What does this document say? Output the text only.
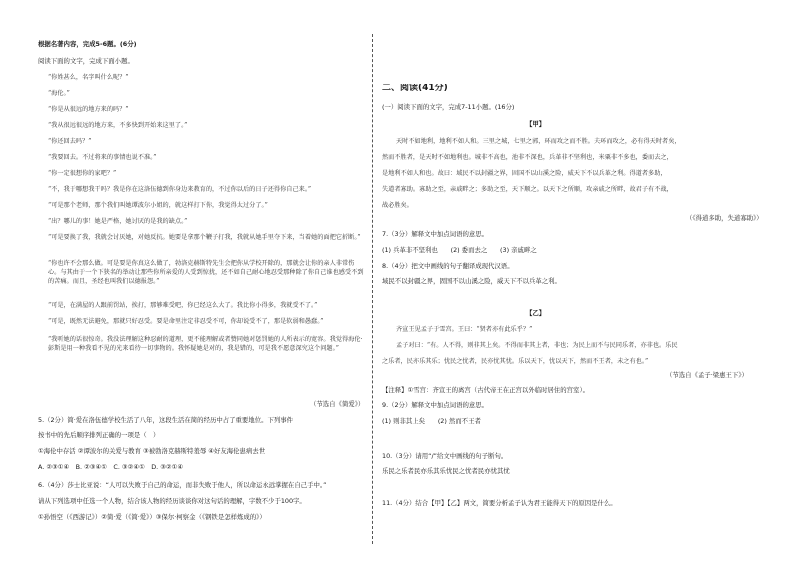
根据名著内容，完成5-6题。(6分)
阅读下面的文字，完成下面小题。
“你姓甚么，名字叫什么呢？”
“海伦。”
“你是从很远的地方来的吗？”
“我从很远很远的地方来，不多快到开始来这里了。”
“你还回去吗？”
“我要回去。不过将来的事情也说不准。”
“你一定很想你的家吧？”
“不，我于哪想我干吗？我是你在这洛伍德到你身边来教育的，不过你以后的日子还得你自己来。”
“可是那个老师，那个我们叫她谭波尔小姐的，就这样打下你，我觉得太过分了。”
“出？哪儿的事！她是严格，她讨厌的是我的缺点。”
“可是要换了我，我就会讨厌她，对她反抗。她要是拿那个鞭子打我，我就从她手里夺下来，当着她的面把它折断。”
“你也许不会那么做。可是要是你真这么做了，勃洛克赫斯特先生会把你从学校开除的，那就会让你的亲人非常伤心。与其由于一个下狭名的举动让那些你所亲爱的人受到惊扰，还不如自己耐心地忍受那种除了你自己谁也感受不到的苦痛。而且，圣经也叫我们以德报怨。”
“可是，在满屋的人跟前罚站，挨打，那够难受吧，你已经这么大了。我比你小得多，我就受不了。”
“可是，既然无法避免，那就只好忍受。要是命里注定非忍受不可，你却说受不了，那是软弱和愚蠢。”
“我听她的话很惊奇。我没法理解这种忍耐的道理，更不能理解或者赞同她对惩罚她的人所表示的宽容。我觉得海伦·彭斯是用一种我看不见的光来看待一切事物的。我怀疑她是对的，我是错的，可是我不愿意深究这个问题。”
（节选自《简爱》）
5.（2分）简·爱在洛伍德学校生活了八年，这段生活在简的经历中占了重要地位。下列事件
按书中的先后顺序排列正确的一项是（　）
①海伦中存活 ②谭波尔的关爱与教育 ③被勃洛克赫斯特羞辱 ④好友海伦患病去世
A. ②③①④　B. ②③④①　C. ③②④①　D. ③②①④
6.（4分）莎士比亚说：“人可以失败于自己的命运，而非失败于他人，所以命运永远掌握在自己手中。”
请从下列选项中任选一个人物，结合该人物的经历谈谈你对这句话的理解，字数不少于100字。
①孙悟空（《西游记》）②简·爱（《简·爱》）③保尔·柯察金（《钢铁是怎样炼成的》）
二、阅读(41分)
(一）阅读下面的文字，完成7-11小题。(16分)
【甲】
天时不如地利，地利不如人和。三里之城，七里之郭，环而攻之而不胜。夫环而攻之，必有得天时者矣，
然而不胜者，是天时不如地利也。城非不高也，池非不深也，兵革非不坚利也，米粟非不多也，委而去之，
是地利不如人和也。故曰：域民不以封疆之界，固国不以山溪之险，威天下不以兵革之利。得道者多助，
失道者寡助。寡助之至，亲戚畔之；多助之至，天下顺之。以天下之所顺，攻亲戚之所畔，故君子有不战，
战必胜矣。
（《得道多助，失道寡助》）
7.（3分）解释文中加点词语的意思。
(1) 兵革非不坚利也　　(2) 委而去之　　(3) 亲戚畔之
8.（4分）把文中画线的句子翻译成现代汉语。
域民不以封疆之界，固国不以山溪之险，威天下不以兵革之利。
【乙】
齐宣王见孟子于雪宫。王曰：“贤者亦有此乐乎？”
孟子对曰：“有。人不得，则非其上矣。不得而非其上者，非也；为民上而不与民同乐者，亦非也。乐民
之乐者，民亦乐其乐；忧民之忧者，民亦忧其忧。乐以天下，忧以天下，然而不王者，未之有也。”
（节选自《孟子·梁惠王下》）
【注释】①雪宫：齐宣王的离宫（古代帝王在正宫以外临时居住的宫室）。
9.（2分）解释文中加点词语的意思。
(1) 则非其上矣　　(2) 然而不王者
10.（3分）请用“/”给文中画线的句子断句。
乐民之乐者民亦乐其乐忧民之忧者民亦忧其忧
11.（4分）结合【甲】【乙】两文，简要分析孟子认为君王能得天下的原因是什么。
